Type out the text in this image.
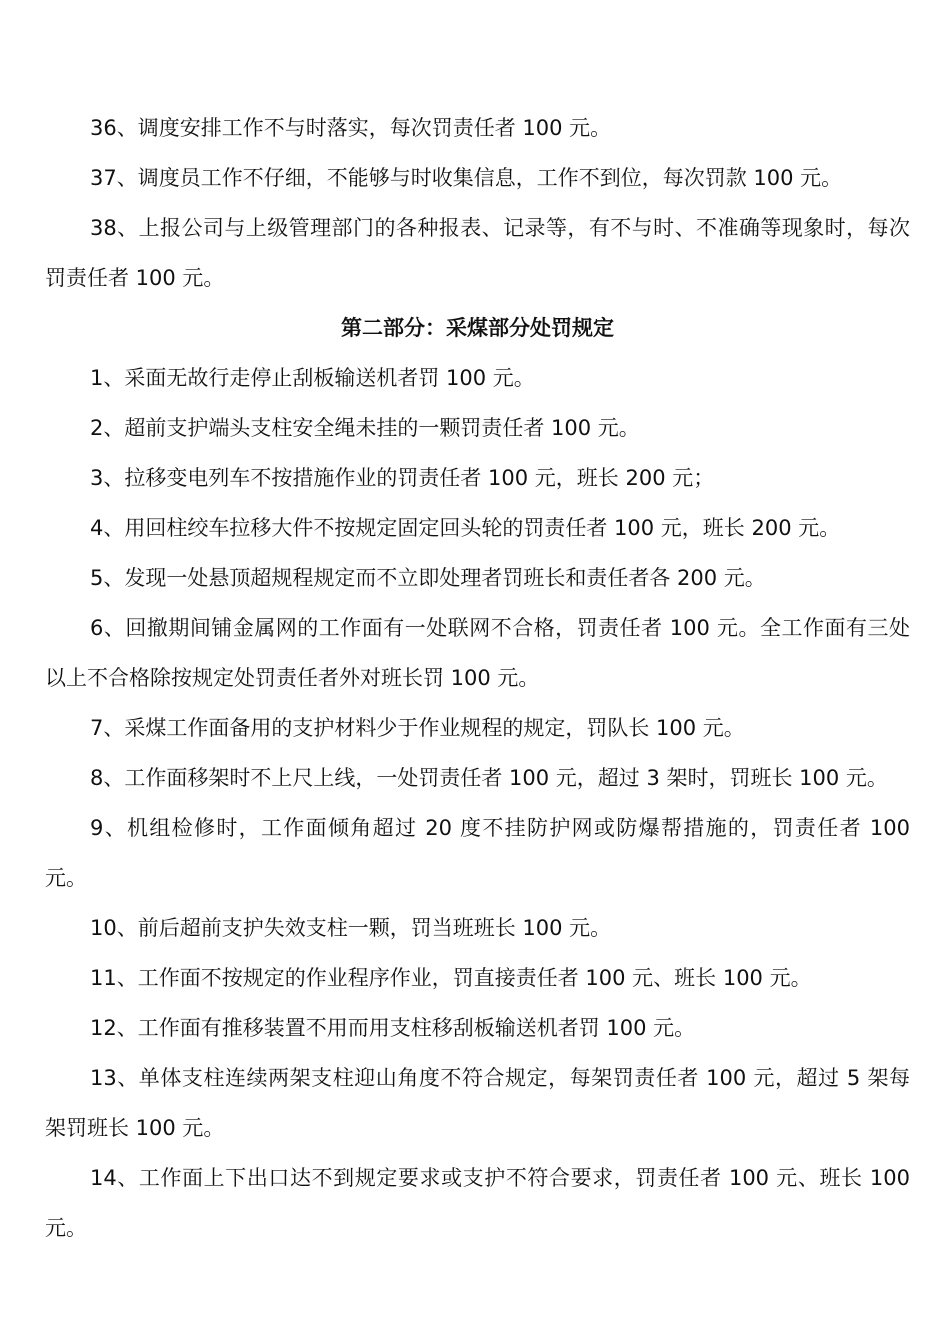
36、调度安排工作不与时落实，每次罚责任者 100 元。

37、调度员工作不仔细，不能够与时收集信息，工作不到位，每次罚款 100 元。

38、上报公司与上级管理部门的各种报表、记录等，有不与时、不准确等现象时，每次罚责任者 100 元。

第二部分：采煤部分处罚规定

1、采面无故行走停止刮板输送机者罚 100 元。

2、超前支护端头支柱安全绳未挂的一颗罚责任者 100 元。

3、拉移变电列车不按措施作业的罚责任者 100 元，班长 200 元；

4、用回柱绞车拉移大件不按规定固定回头轮的罚责任者 100 元，班长 200 元。

5、发现一处悬顶超规程规定而不立即处理者罚班长和责任者各 200 元。

6、回撤期间铺金属网的工作面有一处联网不合格，罚责任者 100 元。全工作面有三处以上不合格除按规定处罚责任者外对班长罚 100 元。

7、采煤工作面备用的支护材料少于作业规程的规定，罚队长 100 元。

8、工作面移架时不上尺上线，一处罚责任者 100 元，超过 3 架时，罚班长 100 元。

9、机组检修时，工作面倾角超过 20 度不挂防护网或防爆帮措施的，罚责任者 100 元。

10、前后超前支护失效支柱一颗，罚当班班长 100 元。

11、工作面不按规定的作业程序作业，罚直接责任者 100 元、班长 100 元。

12、工作面有推移装置不用而用支柱移刮板输送机者罚 100 元。

13、单体支柱连续两架支柱迎山角度不符合规定，每架罚责任者 100 元，超过 5 架每架罚班长 100 元。

14、工作面上下出口达不到规定要求或支护不符合要求，罚责任者 100 元、班长 100 元。
